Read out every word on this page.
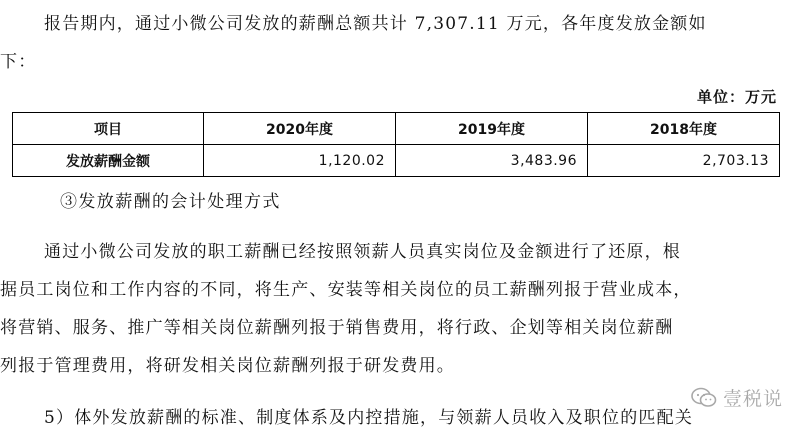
报告期内，通过小微公司发放的薪酬总额共计 7,307.11 万元，各年度发放金额如
下：
单位：万元
项目	2020年度	2019年度	2018年度
发放薪酬金额	1,120.02	3,483.96	2,703.13
③发放薪酬的会计处理方式
通过小微公司发放的职工薪酬已经按照领薪人员真实岗位及金额进行了还原，根
据员工岗位和工作内容的不同，将生产、安装等相关岗位的员工薪酬列报于营业成本，
将营销、服务、推广等相关岗位薪酬列报于销售费用，将行政、企划等相关岗位薪酬
列报于管理费用，将研发相关岗位薪酬列报于研发费用。
5）体外发放薪酬的标准、制度体系及内控措施，与领薪人员收入及职位的匹配关
壹税说
